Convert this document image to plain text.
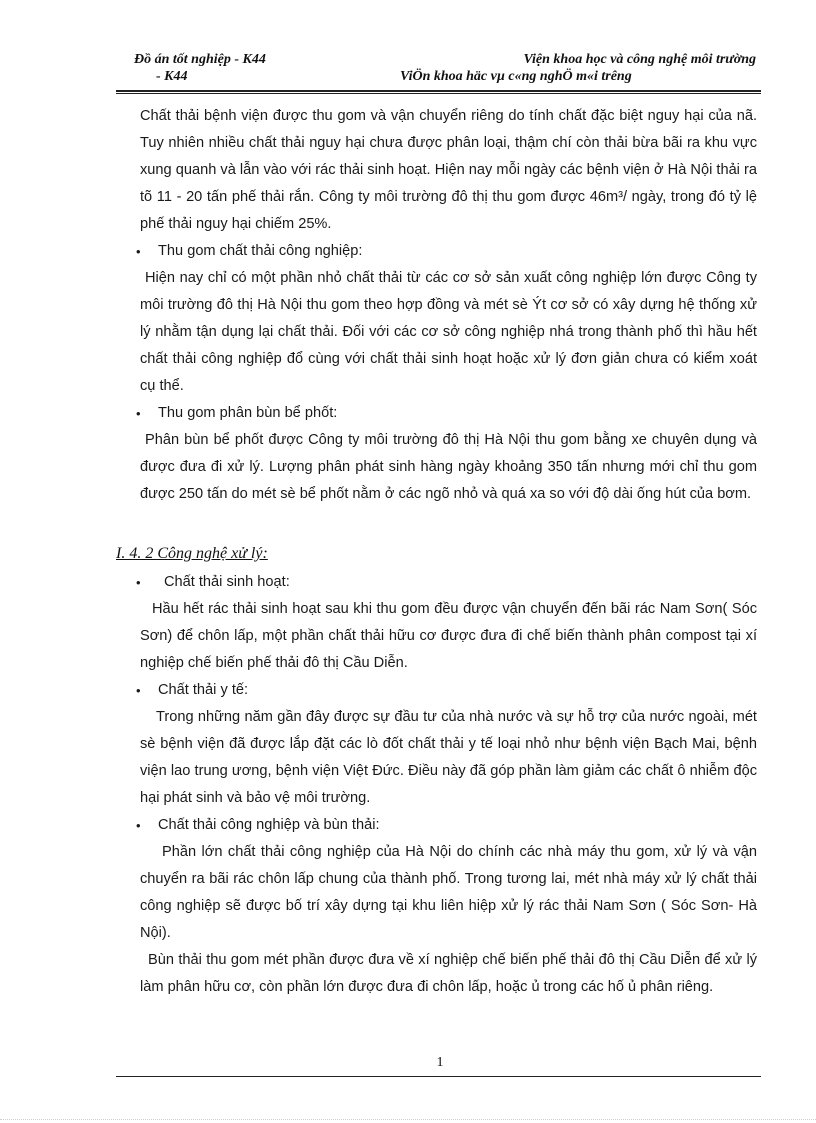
Đồ án tốt nghiệp - K44
- K44
Viện khoa học và công nghệ môi trường
ViÖn khoa häc vµ c«ng nghÖ m«i trêng

Chất thải bệnh viện được thu gom và vận chuyển riêng do tính chất đặc biệt nguy hại của nã. Tuy nhiên nhiều chất thải nguy hại chưa được phân loại, thậm chí còn thải bừa bãi ra khu vực xung quanh và lẫn vào với rác thải sinh hoạt. Hiện nay mỗi ngày các bệnh viện ở Hà Nội thải ra tõ 11 - 20 tấn phế thải rắn. Công ty môi trường đô thị thu gom được 46m³/ ngày, trong đó tỷ lệ phế thải nguy hại chiếm 25%.

• Thu gom chất thải công nghiệp:

Hiện nay chỉ có một phần nhỏ chất thải từ các cơ sở sản xuất công nghiệp lớn được Công ty môi trường đô thị Hà Nội thu gom theo hợp đồng và mét sè Ýt cơ sở có xây dựng hệ thống xử lý nhằm tận dụng lại chất thải. Đối với các cơ sở công nghiệp nhá trong thành phố thì hầu hết chất thải công nghiệp đổ cùng với chất thải sinh hoạt hoặc xử lý đơn giản chưa có kiểm xoát cụ thể.

• Thu gom phân bùn bể phốt:

Phân bùn bể phốt được Công ty môi trường đô thị Hà Nội thu gom bằng xe chuyên dụng và được đưa đi xử lý. Lượng phân phát sinh hàng ngày khoảng 350 tấn nhưng mới chỉ thu gom được 250 tấn do mét sè bể phốt nằm ở các ngõ nhỏ và quá xa so với độ dài ống hút của bơm.

I. 4. 2 Công nghệ xử lý:

• Chất thải sinh hoạt:

Hầu hết rác thải sinh hoạt sau khi thu gom đều được vận chuyển đến bãi rác Nam Sơn( Sóc Sơn) để chôn lấp, một phần chất thải hữu cơ được đưa đi chế biến thành phân compost tại xí nghiệp chế biến phế thải đô thị Cầu Diễn.

• Chất thải y tế:

Trong những năm gần đây được sự đầu tư của nhà nước và sự hỗ trợ của nước ngoài, mét sè bệnh viện đã được lắp đặt các lò đốt chất thải y tế loại nhỏ như bệnh viện Bạch Mai, bệnh viện lao trung ương, bệnh viện Việt Đức. Điều này đã góp phần làm giảm các chất ô nhiễm độc hại phát sinh và bảo vệ môi trường.

• Chất thải công nghiệp và bùn thải:

Phần lớn chất thải công nghiệp của Hà Nội do chính các nhà máy thu gom, xử lý và vận chuyển ra bãi rác chôn lấp chung của thành phố. Trong tương lai, mét nhà máy xử lý chất thải công nghiệp sẽ được bố trí xây dựng tại khu liên hiệp xử lý rác thải Nam Sơn ( Sóc Sơn- Hà Nội).

Bùn thải thu gom mét phần được đưa về xí nghiệp chế biến phế thải đô thị Cầu Diễn để xử lý làm phân hữu cơ, còn phần lớn được đưa đi chôn lấp, hoặc ủ trong các hố ủ phân riêng.

1
